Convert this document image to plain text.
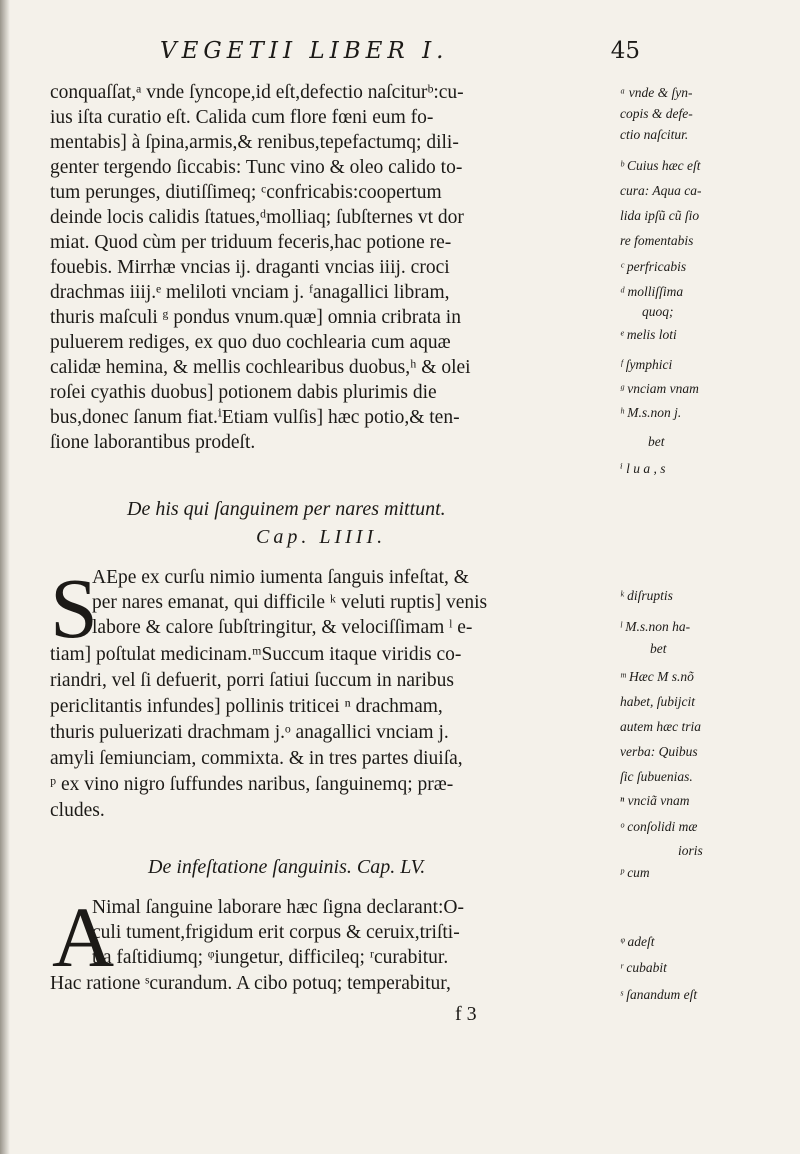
VEGETII LIBER I.	45
conquaſſat,ᵃ vnde ſyncope,id eſt,defectio naſciturᵇ:cu-
ius iſta curatio eſt. Calida cum flore fœni eum fo-
mentabis] à ſpina,armis,& renibus,tepefactumq; dili-
genter tergendo ſiccabis: Tunc vino & oleo calido to-
tum perunges, diutiſſimeq; ᶜconfricabis:coopertum
deinde locis calidis ſtatues,ᵈmolliaq; ſubſternes vt dor
miat. Quod cùm per triduum feceris,hac potione re-
fouebis. Mirrhæ vncias ij. draganti vncias iiij. croci
drachmas iiij.ᵉ meliloti vnciam j. ᶠanagallici libram,
thuris maſculi ᵍ pondus vnum.quæ] omnia cribrata in
puluerem rediges, ex quo duo cochlearia cum aquæ
calidæ hemina, & mellis cochlearibus duobus,ʰ & olei
roſei cyathis duobus] potionem dabis plurimis die
bus,donec ſanum fiat.ⁱEtiam vulſis] hæc potio,& ten-
ſione laborantibus prodeſt.
De his qui ſanguinem per nares mittunt.
Cap. LIIII.
S
AEpe ex curſu nimio iumenta ſanguis infeſtat, &
per nares emanat, qui difficile ᵏ veluti ruptis] venis
labore & calore ſubſtringitur, & velociſſimam ˡ e-
tiam] poſtulat medicinam.ᵐSuccum itaque viridis co-
riandri, vel ſi defuerit, porri ſatiui ſuccum in naribus
periclitantis infundes] pollinis triticei ⁿ drachmam,
thuris puluerizati drachmam j.ᵒ anagallici vnciam j.
amyli ſemiunciam, commixta. & in tres partes diuiſa,
ᵖ ex vino nigro ſuffundes naribus, ſanguinemq; præ-
cludes.
De infeſtatione ſanguinis. Cap. LV.
A
Nimal ſanguine laborare hæc ſigna declarant:O-
culi tument,frigidum erit corpus & ceruix,triſti-
tia faſtidiumq; ᵠiungetur, difficileq; ʳcurabitur.
Hac ratione ˢcurandum. A cibo potuq; temperabitur,
f 3
ᵃ vnde & ſyn-
copis & defe-
ctio naſcitur.
ᵇ Cuius hæc eſt
cura: Aqua ca-
lida ipſũ cũ ſio
re fomentabis
ᶜ perfricabis
ᵈ molliſſima
quoq;
ᵉ melis loti
ᶠ ſymphici
ᵍ vnciam vnam
ʰ M.s.non j.
bet
ⁱ l u a , s
ᵏ diſruptis
ˡ M.s.non ha-
bet
ᵐ Hæc M s.nõ
habet, ſubijcit
autem hæc tria
verba: Quibus
ſic ſubuenias.
ⁿ vnciã vnam
ᵒ conſolidi mæ
ioris
ᵖ cum
ᵠ adeſt
ʳ cubabit
ˢ ſanandum eſt
